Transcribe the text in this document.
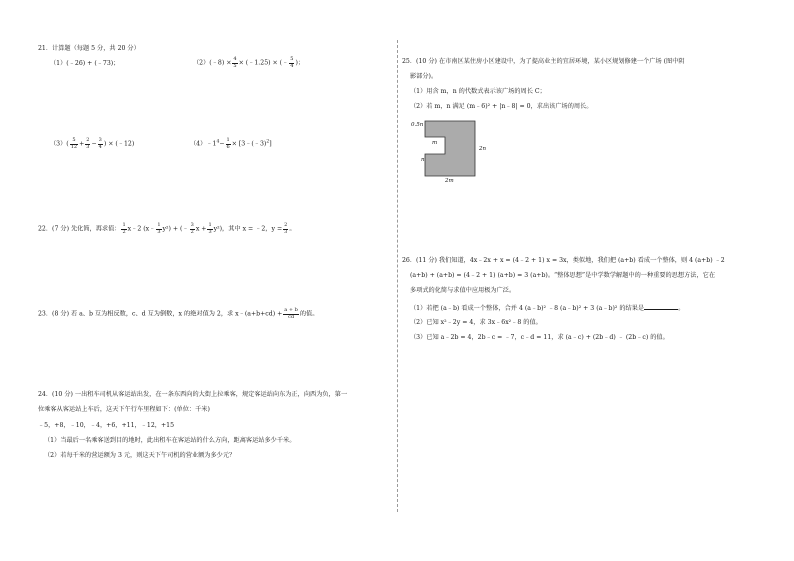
21．计算题（每题 5 分，共 20 分）
（1）(﹣26) + (﹣73)；	（2）(﹣8) × $\frac{4}{5}$ × (﹣1.25) × (﹣ $\frac{5}{4}$ )；
$(3)( \frac{5}{12} + \frac{2}{3} - \frac{3}{4}$ ) × (﹣12)	$(4)﹣1^4- \frac{1}{6}$ × [3﹣(﹣3)$^2$]
22．(7 分) 先化简，再求值： $\frac{1}{2}$ x﹣2 (x﹣ $\frac{1}{3} y^2$) + (﹣ $\frac{3}{2}$ $x + \frac{1}{3} y^2$)，其中 x = ﹣2，$y = \frac{2}{3}$ 。
23．(8 分) 若 a、b 互为相反数，c、d 互为倒数，x 的绝对值为 2，求 x﹣(a+b+cd) + $\frac{a + b}{cd}$ 的值。
24．(10 分) 一出租车司机从客运站出发，在一条东西向的大街上拉乘客，规定客运站向东为正，向西为负，第一
位乘客从客运站上车后，这天下午行车里程如下：(单位：千米)
﹣5，+8，﹣10，﹣4，+6，+11，﹣12，+15
（1）当最后一名乘客送到目的地时，此出租车在客运站的什么方向，距离客运站多少千米。
（2）若每千米的营运额为 3 元，则这天下午司机的营业额为多少元？
25．(10 分) 在市南区某住房小区建设中，为了提高业主的宜居环境，某小区规划修建一个广场 (图中阴
影部分)。
（1）用含 m，n 的代数式表示该广场的周长 C；
（2）若 m，n 满足 (m﹣6)² + |n﹣8| = 0，求出该广场的周长。
0.5n
m
n
2n
2m
26．(11 分) 我们知道，4x﹣2x + x = (4﹣2 + 1) x = 3x，类似地，我们把 (a+b) 看成一个整体，则 4 (a+b) ﹣2
(a+b) + (a+b) = (4﹣2 + 1) (a+b) = 3 (a+b)。“整体思想”是中学数学解题中的一种重要的思想方法，它在
多项式的化简与求值中应用极为广泛。
（1）若把 (a﹣b) 看成一个整体，合并 4 (a﹣b)² ﹣8 (a﹣b)² + 3 (a﹣b)² 的结果是	。
（2）已知 x²﹣2y = 4，求 3x﹣6x²﹣8 的值。
（3）已知 a﹣2b = 4，2b﹣c = ﹣7，c﹣d = 11，求 (a﹣c) + (2b﹣d) ﹣ (2b﹣c) 的值。
